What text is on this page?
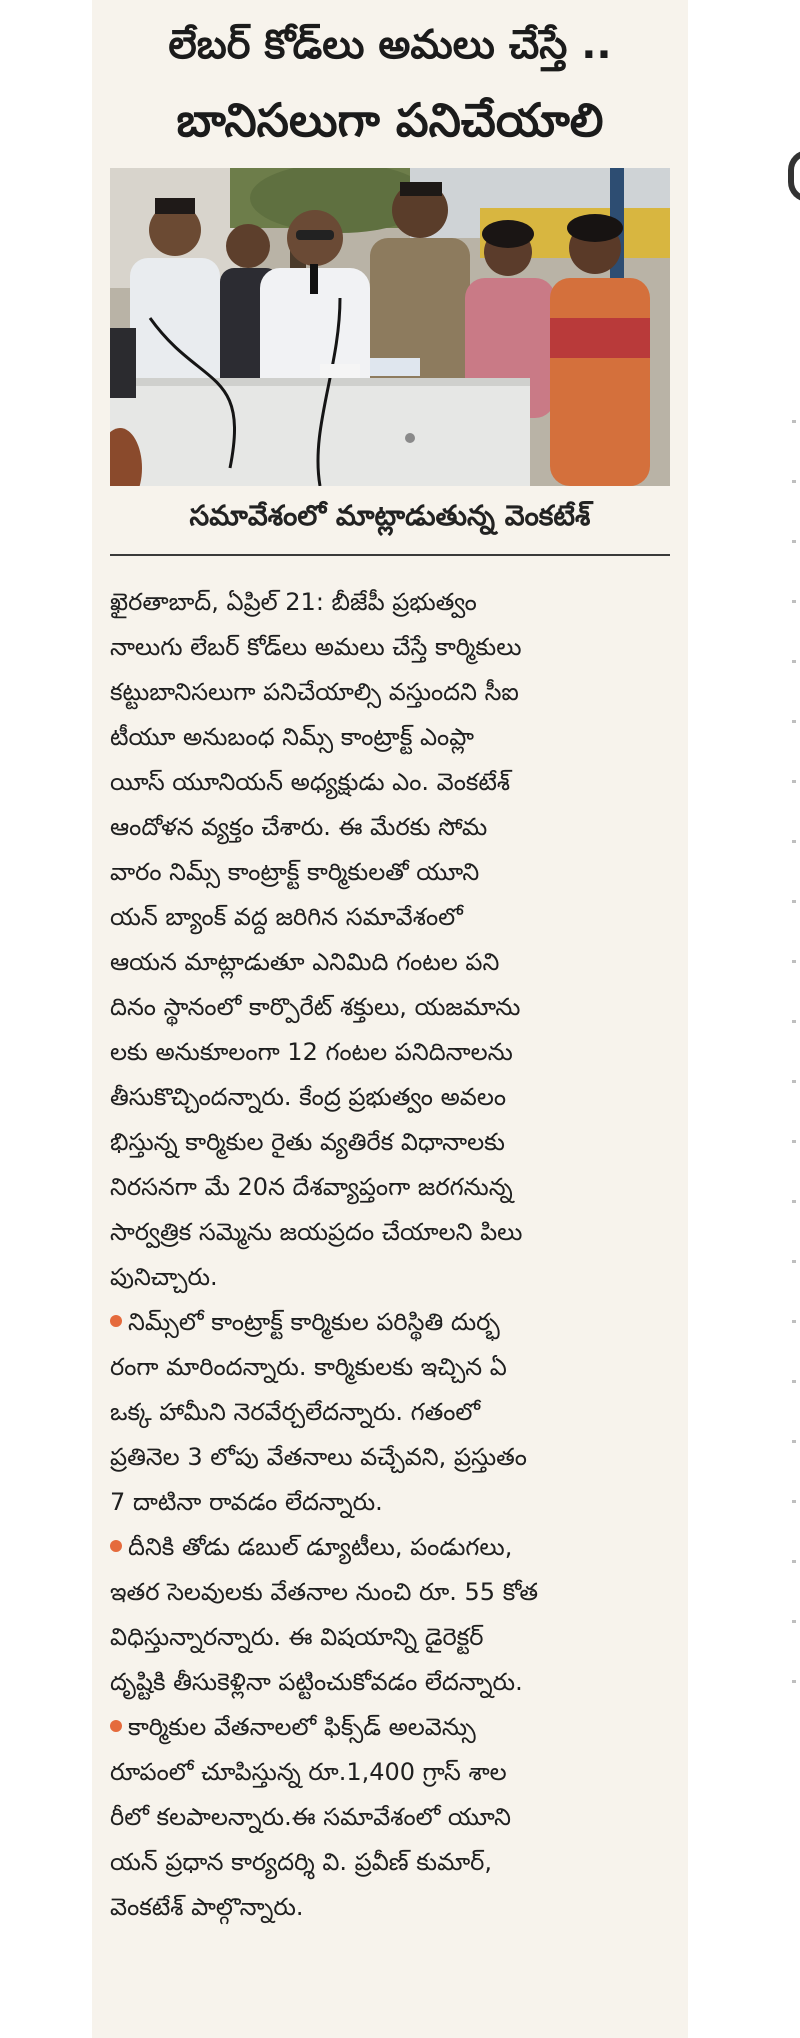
లేబర్ కోడ్‌లు అమలు చేస్తే ..
బానిసలుగా పనిచేయాలి
సమావేశంలో మాట్లాడుతున్న వెంకటేశ్
ఖైరతాబాద్, ఏప్రిల్ 21: బీజేపీ ప్రభుత్వం
నాలుగు లేబర్ కోడ్‌లు అమలు చేస్తే కార్మికులు
కట్టుబానిసలుగా పనిచేయాల్సి వస్తుందని సీఐ
టీయూ అనుబంధ నిమ్స్ కాంట్రాక్ట్ ఎంప్లా
యీస్ యూనియన్ అధ్యక్షుడు ఎం. వెంకటేశ్
ఆందోళన వ్యక్తం చేశారు. ఈ మేరకు సోమ
వారం నిమ్స్ కాంట్రాక్ట్ కార్మికులతో యూని
యన్ బ్యాంక్ వద్ద జరిగిన సమావేశంలో
ఆయన మాట్లాడుతూ ఎనిమిది గంటల పని
దినం స్థానంలో కార్పొరేట్ శక్తులు, యజమాను
లకు అనుకూలంగా 12 గంటల పనిదినాలను
తీసుకొచ్చిందన్నారు. కేంద్ర ప్రభుత్వం అవలం
భిస్తున్న కార్మికుల రైతు వ్యతిరేక విధానాలకు
నిరసనగా మే 20న దేశవ్యాప్తంగా జరగనున్న
సార్వత్రిక సమ్మెను జయప్రదం చేయాలని పిలు
పునిచ్చారు.
నిమ్స్‌లో కాంట్రాక్ట్ కార్మికుల పరిస్థితి దుర్భ
రంగా మారిందన్నారు. కార్మికులకు ఇచ్చిన ఏ
ఒక్క హామీని నెరవేర్చలేదన్నారు. గతంలో
ప్రతినెల 3 లోపు వేతనాలు వచ్చేవని, ప్రస్తుతం
7 దాటినా రావడం లేదన్నారు.
దీనికి తోడు డబుల్ డ్యూటీలు, పండుగలు,
ఇతర సెలవులకు వేతనాల నుంచి రూ. 55 కోత
విధిస్తున్నారన్నారు. ఈ విషయాన్ని డైరెక్టర్
దృష్టికి తీసుకెళ్లినా పట్టించుకోవడం లేదన్నారు.
కార్మికుల వేతనాలలో ఫిక్స్‌డ్ అలవెన్సు
రూపంలో చూపిస్తున్న రూ.1,400 గ్రాస్ శాల
రీలో కలపాలన్నారు.ఈ సమావేశంలో యూని
యన్ ప్రధాన కార్యదర్శి వి. ప్రవీణ్ కుమార్,
వెంకటేశ్ పాల్గొన్నారు.
